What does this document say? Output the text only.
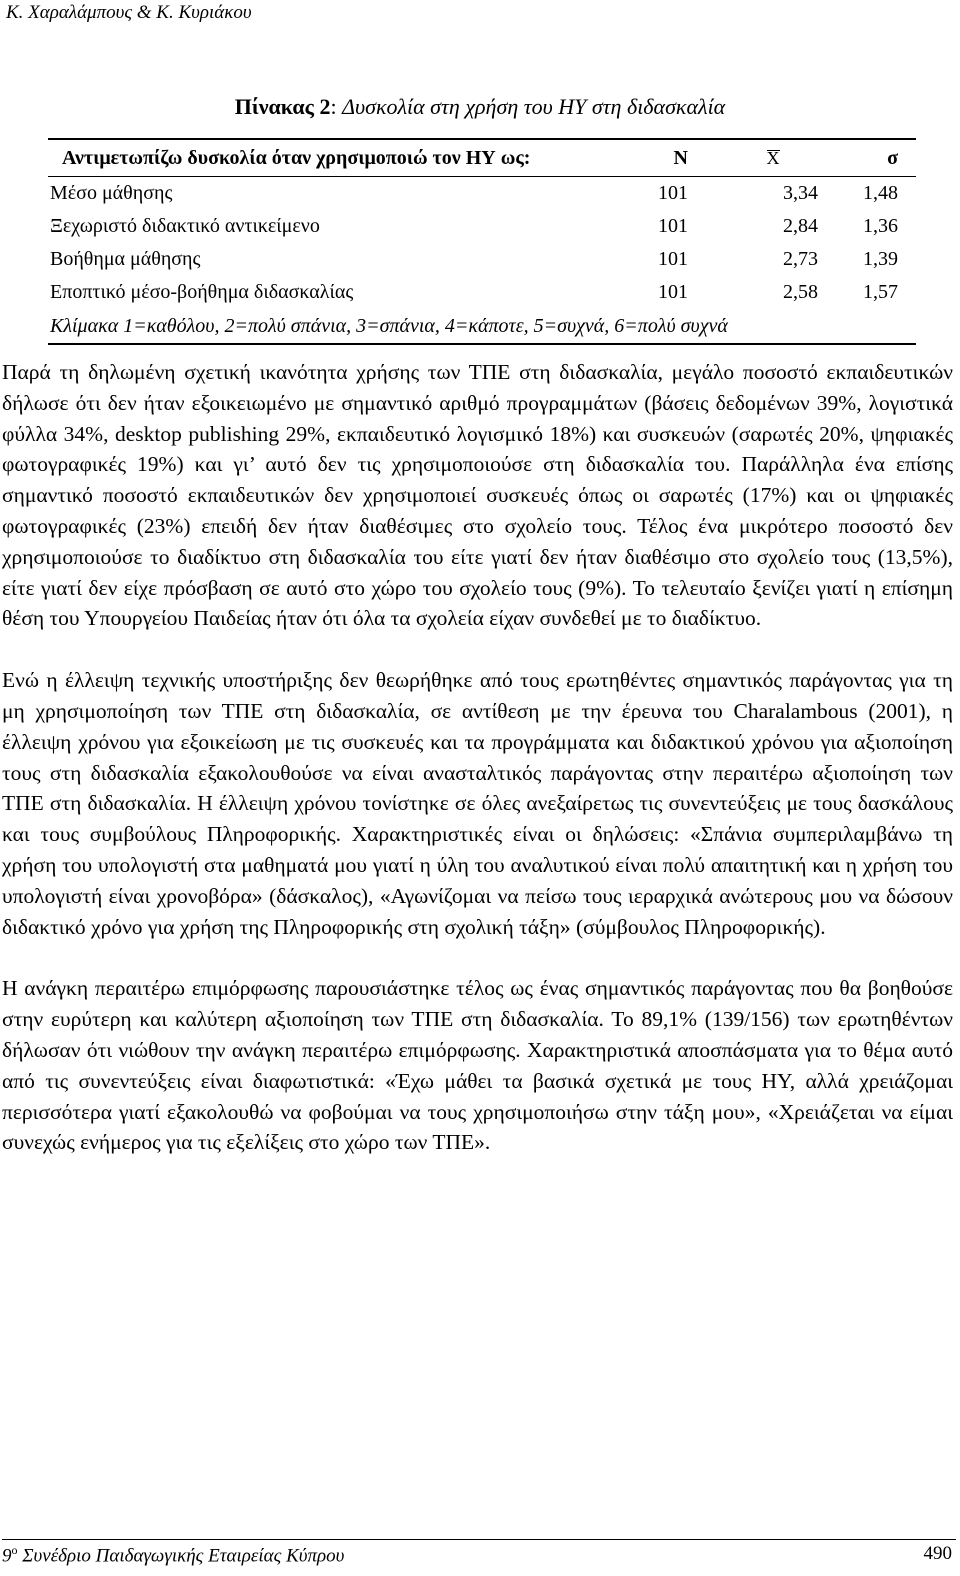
Κ. Χαραλάμπους & Κ. Κυριάκου
Πίνακας 2: Δυσκολία στη χρήση του ΗΥ στη διδασκαλία
Αντιμετωπίζω δυσκολία όταν χρησιμοποιώ τον ΗΥ ως:	N	X	σ
Μέσο μάθησης	101	3,34	1,48
Ξεχωριστό διδακτικό αντικείμενο	101	2,84	1,36
Βοήθημα μάθησης	101	2,73	1,39
Εποπτικό μέσο-βοήθημα διδασκαλίας	101	2,58	1,57
Κλίμακα 1=καθόλου, 2=πολύ σπάνια, 3=σπάνια, 4=κάποτε, 5=συχνά, 6=πολύ συχνά			

Παρά τη δηλωμένη σχετική ικανότητα χρήσης των ΤΠΕ στη διδασκαλία, μεγάλο ποσοστό εκπαιδευτικών δήλωσε ότι δεν ήταν εξοικειωμένο με σημαντικό αριθμό προγραμμάτων (βάσεις δεδομένων 39%, λογιστικά φύλλα 34%, desktop publishing 29%, εκπαιδευτικό λογισμικό 18%) και συσκευών (σαρωτές 20%, ψηφιακές φωτογραφικές 19%) και γι’ αυτό δεν τις χρησιμοποιούσε στη διδασκαλία του. Παράλληλα ένα επίσης σημαντικό ποσοστό εκπαιδευτικών δεν χρησιμοποιεί συσκευές όπως οι σαρωτές (17%) και οι ψηφιακές φωτογραφικές (23%) επειδή δεν ήταν διαθέσιμες στο σχολείο τους. Τέλος ένα μικρότερο ποσοστό δεν χρησιμοποιούσε το διαδίκτυο στη διδασκαλία του είτε γιατί δεν ήταν διαθέσιμο στο σχολείο τους (13,5%), είτε γιατί δεν είχε πρόσβαση σε αυτό στο χώρο του σχολείο τους (9%). Το τελευταίο ξενίζει γιατί η επίσημη θέση του Υπουργείου Παιδείας ήταν ότι όλα τα σχολεία είχαν συνδεθεί με το διαδίκτυο.

Ενώ η έλλειψη τεχνικής υποστήριξης δεν θεωρήθηκε από τους ερωτηθέντες σημαντικός παράγοντας για τη μη χρησιμοποίηση των ΤΠΕ στη διδασκαλία, σε αντίθεση με την έρευνα του Charalambous (2001), η έλλειψη χρόνου για εξοικείωση με τις συσκευές και τα προγράμματα και διδακτικού χρόνου για αξιοποίηση τους στη διδασκαλία εξακολουθούσε να είναι ανασταλτικός παράγοντας στην περαιτέρω αξιοποίηση των ΤΠΕ στη διδασκαλία. Η έλλειψη χρόνου τονίστηκε σε όλες ανεξαίρετως τις συνεντεύξεις με τους δασκάλους και τους συμβούλους Πληροφορικής. Χαρακτηριστικές είναι οι δηλώσεις: «Σπάνια συμπεριλαμβάνω τη χρήση του υπολογιστή στα μαθηματά μου γιατί η ύλη του αναλυτικού είναι πολύ απαιτητική και η χρήση του υπολογιστή είναι χρονοβόρα» (δάσκαλος), «Αγωνίζομαι να πείσω τους ιεραρχικά ανώτερους μου να δώσουν διδακτικό χρόνο για χρήση της Πληροφορικής στη σχολική τάξη» (σύμβουλος Πληροφορικής).

Η ανάγκη περαιτέρω επιμόρφωσης παρουσιάστηκε τέλος ως ένας σημαντικός παράγοντας που θα βοηθούσε στην ευρύτερη και καλύτερη αξιοποίηση των ΤΠΕ στη διδασκαλία. Το 89,1% (139/156) των ερωτηθέντων δήλωσαν ότι νιώθουν την ανάγκη περαιτέρω επιμόρφωσης. Χαρακτηριστικά αποσπάσματα για το θέμα αυτό από τις συνεντεύξεις είναι διαφωτιστικά: «Έχω μάθει τα βασικά σχετικά με τους ΗΥ, αλλά χρειάζομαι περισσότερα γιατί εξακολουθώ να φοβούμαι να τους χρησιμοποιήσω στην τάξη μου», «Χρειάζεται να είμαι συνεχώς ενήμερος για τις εξελίξεις στο χώρο των ΤΠΕ».

$9^o$ Συνέδριο Παιδαγωγικής Εταιρείας Κύπρου	490
